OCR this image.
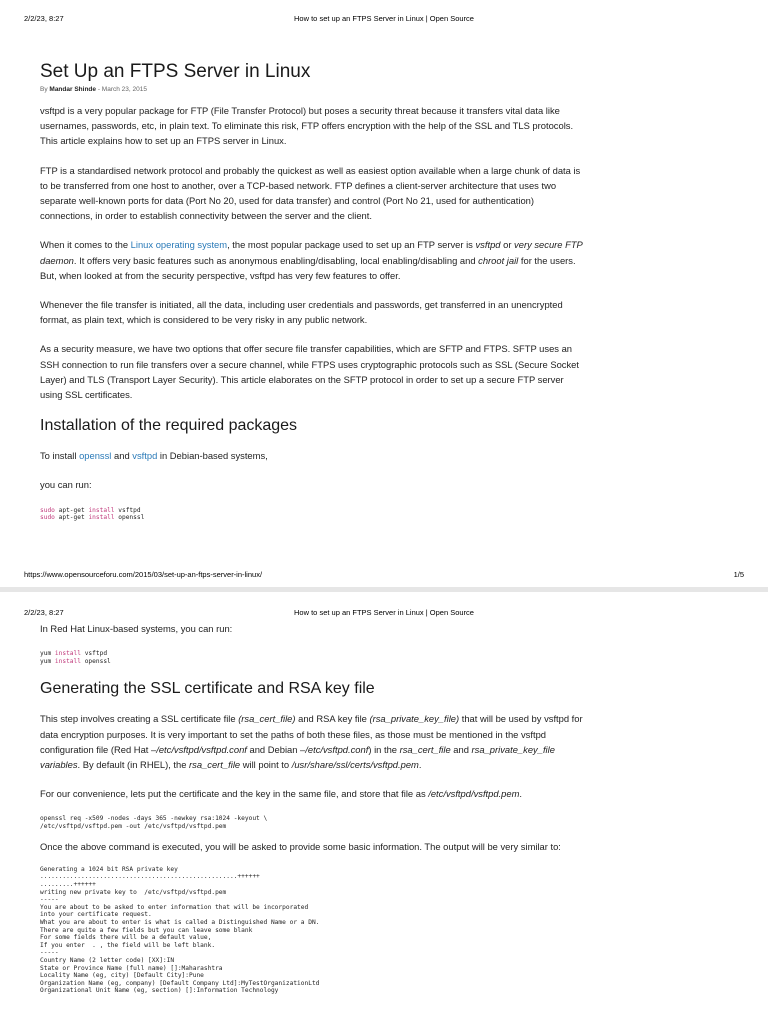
2/2/23, 8:27	How to set up an FTPS Server in Linux | Open Source
Set Up an FTPS Server in Linux
By Mandar Shinde - March 23, 2015

vsftpd is a very popular package for FTP (File Transfer Protocol) but poses a security threat because it transfers vital data like usernames, passwords, etc, in plain text. To eliminate this risk, FTP offers encryption with the help of the SSL and TLS protocols. This article explains how to set up an FTPS server in Linux.

FTP is a standardised network protocol and probably the quickest as well as easiest option available when a large chunk of data is to be transferred from one host to another, over a TCP-based network. FTP defines a client-server architecture that uses two separate well-known ports for data (Port No 20, used for data transfer) and control (Port No 21, used for authentication) connections, in order to establish connectivity between the server and the client.

When it comes to the Linux operating system, the most popular package used to set up an FTP server is vsftpd or very secure FTP daemon. It offers very basic features such as anonymous enabling/disabling, local enabling/disabling and chroot jail for the users. But, when looked at from the security perspective, vsftpd has very few features to offer.

Whenever the file transfer is initiated, all the data, including user credentials and passwords, get transferred in an unencrypted format, as plain text, which is considered to be very risky in any public network.

As a security measure, we have two options that offer secure file transfer capabilities, which are SFTP and FTPS. SFTP uses an SSH connection to run file transfers over a secure channel, while FTPS uses cryptographic protocols such as SSL (Secure Socket Layer) and TLS (Transport Layer Security). This article elaborates on the SFTP protocol in order to set up a secure FTP server using SSL certificates.

Installation of the required packages

To install openssl and vsftpd in Debian-based systems,

you can run:

sudo apt-get install vsftpd
sudo apt-get install openssl
https://www.opensourceforu.com/2015/03/set-up-an-ftps-server-in-linux/	1/5
2/2/23, 8:27	How to set up an FTPS Server in Linux | Open Source

In Red Hat Linux-based systems, you can run:

yum install vsftpd
yum install openssl
Generating the SSL certificate and RSA key file

This step involves creating a SSL certificate file (rsa_cert_file) and RSA key file (rsa_private_key_file) that will be used by vsftpd for data encryption purposes. It is very important to set the paths of both these files, as those must be mentioned in the vsftpd configuration file (Red Hat –/etc/vsftpd/vsftpd.conf and Debian –/etc/vsftpd.conf) in the rsa_cert_file and rsa_private_key_file variables. By default (in RHEL), the rsa_cert_file will point to /usr/share/ssl/certs/vsftpd.pem.

For our convenience, lets put the certificate and the key in the same file, and store that file as /etc/vsftpd/vsftpd.pem.

openssl req -x509 -nodes -days 365 -newkey rsa:1024 -keyout \
/etc/vsftpd/vsftpd.pem -out /etc/vsftpd/vsftpd.pem

Once the above command is executed, you will be asked to provide some basic information. The output will be very similar to:

Generating a 1024 bit RSA private key
.....................................................++++++
.........++++++
writing new private key to  /etc/vsftpd/vsftpd.pem
-----
You are about to be asked to enter information that will be incorporated
into your certificate request.
What you are about to enter is what is called a Distinguished Name or a DN.
There are quite a few fields but you can leave some blank
For some fields there will be a default value,
If you enter  . , the field will be left blank.
-----
Country Name (2 letter code) [XX]:IN
State or Province Name (full name) []:Maharashtra
Locality Name (eg, city) [Default City]:Pune
Organization Name (eg, company) [Default Company Ltd]:MyTestOrganizationLtd
Organizational Unit Name (eg, section) []:Information Technology
